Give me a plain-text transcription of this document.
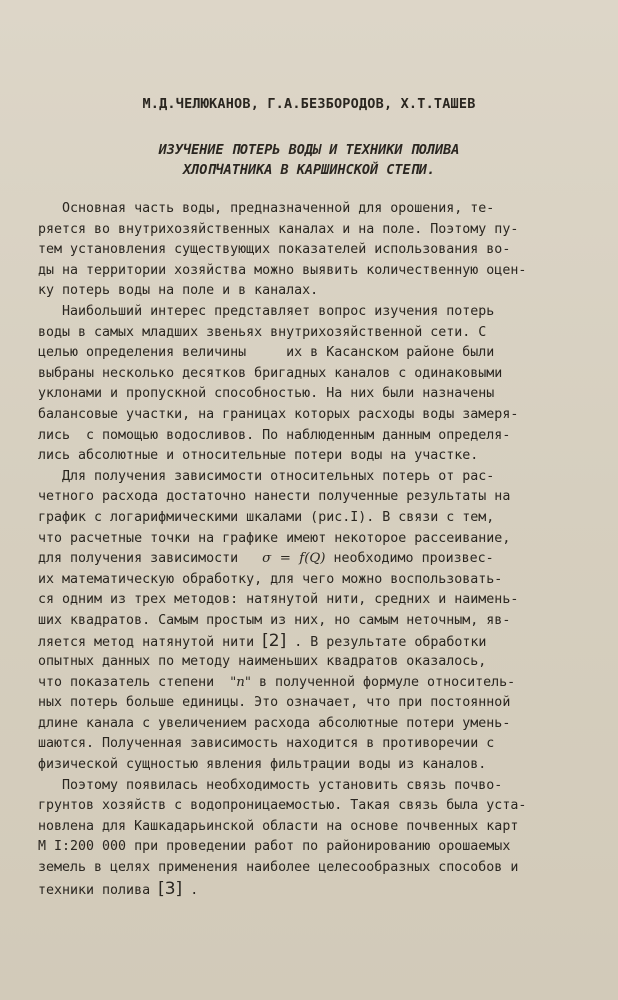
М.Д.ЧЕЛЮКАНОВ, Г.А.БЕЗБОРОДОВ, Х.Т.ТАШЕВ
ИЗУЧЕНИЕ ПОТЕРЬ ВОДЫ И ТЕХНИКИ ПОЛИВА
ХЛОПЧАТНИКА В КАРШИНСКОЙ СТЕПИ.
Основная часть воды, предназначенной для орошения, те-
ряется во внутрихозяйственных каналах и на поле. Поэтому пу-
тем установления существующих показателей использования во-
ды на территории хозяйства можно выявить количественную оцен-
ку потерь воды на поле и в каналах.
Наибольший интерес представляет вопрос изучения потерь
воды в самых младших звеньях внутрихозяйственной сети. С
целью определения величины     их в Касанском районе были
выбраны несколько десятков бригадных каналов с одинаковыми
уклонами и пропускной способностью. На них были назначены
балансовые участки, на границах которых расходы воды замеря-
лись  с помощью водосливов. По наблюденным данным определя-
лись абсолютные и относительные потери воды на участке.
Для получения зависимости относительных потерь от рас-
четного расхода достаточно нанести полученные результаты на
график с логарифмическими шкалами (рис.I). В связи с тем,
что расчетные точки на графике имеют некоторое рассеивание,
для получения зависимости σ  =  f(Q) необходимо произвес-
их математическую обработку, для чего можно воспользовать-
ся одним из трех методов: натянутой нити, средних и наимень-
ших квадратов. Самым простым из них, но самым неточным, яв-
ляется метод натянутой нити [2] . В результате обработки
опытных данных по методу наименьших квадратов оказалось,
что показатель степени "n" в полученной формуле относитель-
ных потерь больше единицы. Это означает, что при постоянной
длине канала с увеличением расхода абсолютные потери умень-
шаются. Полученная зависимость находится в противоречии с
физической сущностью явления фильтрации воды из каналов.
Поэтому появилась необходимость установить связь почво-
грунтов хозяйств с водопроницаемостью. Такая связь была уста-
новлена для Кашкадарьинской области на основе почвенных карт
М I:200 000 при проведении работ по районированию орошаемых
земель в целях применения наиболее целесообразных способов и
техники полива [3] .
